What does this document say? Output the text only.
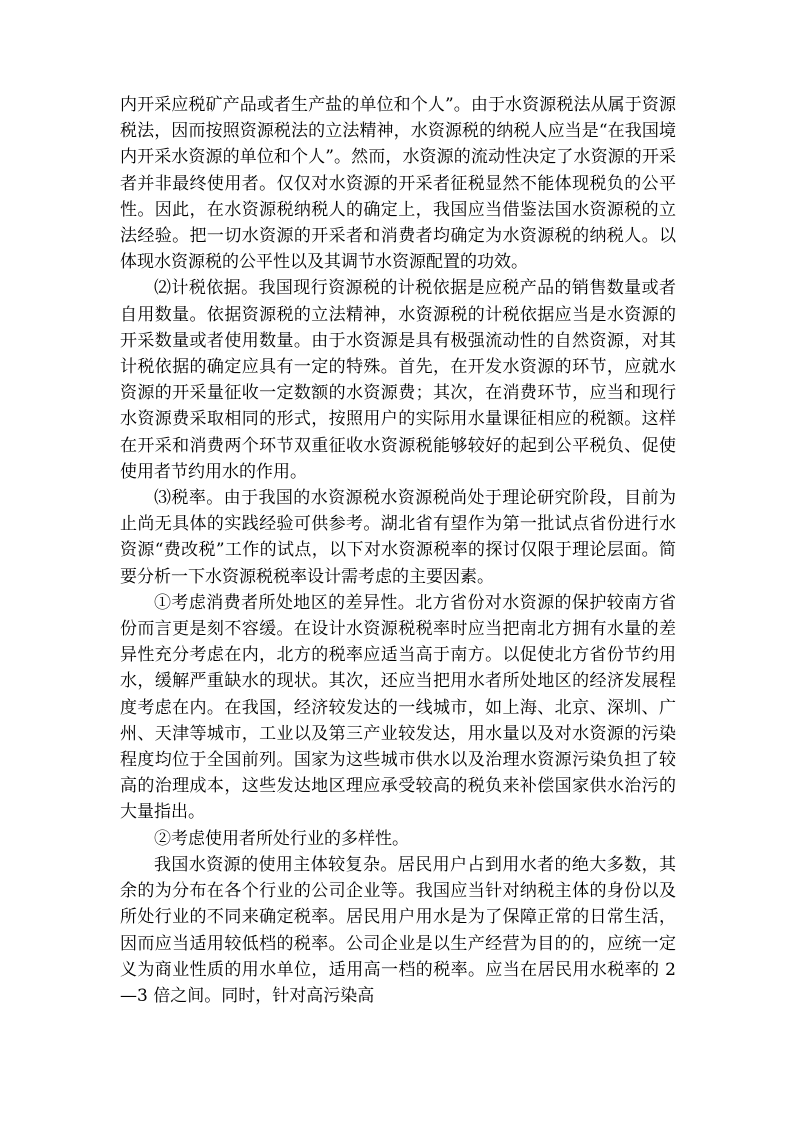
内开采应税矿产品或者生产盐的单位和个人”。由于水资源税法从属于资源税法，因而按照资源税法的立法精神，水资源税的纳税人应当是“在我国境内开采水资源的单位和个人”。然而，水资源的流动性决定了水资源的开采者并非最终使用者。仅仅对水资源的开采者征税显然不能体现税负的公平性。因此，在水资源税纳税人的确定上，我国应当借鉴法国水资源税的立法经验。把一切水资源的开采者和消费者均确定为水资源税的纳税人。以体现水资源税的公平性以及其调节水资源配置的功效。

⑵计税依据。我国现行资源税的计税依据是应税产品的销售数量或者自用数量。依据资源税的立法精神，水资源税的计税依据应当是水资源的开采数量或者使用数量。由于水资源是具有极强流动性的自然资源，对其计税依据的确定应具有一定的特殊。首先，在开发水资源的环节，应就水资源的开采量征收一定数额的水资源费；其次，在消费环节，应当和现行水资源费采取相同的形式，按照用户的实际用水量课征相应的税额。这样在开采和消费两个环节双重征收水资源税能够较好的起到公平税负、促使使用者节约用水的作用。

⑶税率。由于我国的水资源税水资源税尚处于理论研究阶段，目前为止尚无具体的实践经验可供参考。湖北省有望作为第一批试点省份进行水资源“费改税”工作的试点，以下对水资源税率的探讨仅限于理论层面。简要分析一下水资源税税率设计需考虑的主要因素。

①考虑消费者所处地区的差异性。北方省份对水资源的保护较南方省份而言更是刻不容缓。在设计水资源税税率时应当把南北方拥有水量的差异性充分考虑在内，北方的税率应适当高于南方。以促使北方省份节约用水，缓解严重缺水的现状。其次，还应当把用水者所处地区的经济发展程度考虑在内。在我国，经济较发达的一线城市，如上海、北京、深圳、广州、天津等城市，工业以及第三产业较发达，用水量以及对水资源的污染程度均位于全国前列。国家为这些城市供水以及治理水资源污染负担了较高的治理成本，这些发达地区理应承受较高的税负来补偿国家供水治污的大量指出。

②考虑使用者所处行业的多样性。

我国水资源的使用主体较复杂。居民用户占到用水者的绝大多数，其余的为分布在各个行业的公司企业等。我国应当针对纳税主体的身份以及所处行业的不同来确定税率。居民用户用水是为了保障正常的日常生活，因而应当适用较低档的税率。公司企业是以生产经营为目的的，应统一定义为商业性质的用水单位，适用高一档的税率。应当在居民用水税率的 2—3 倍之间。同时，针对高污染高
